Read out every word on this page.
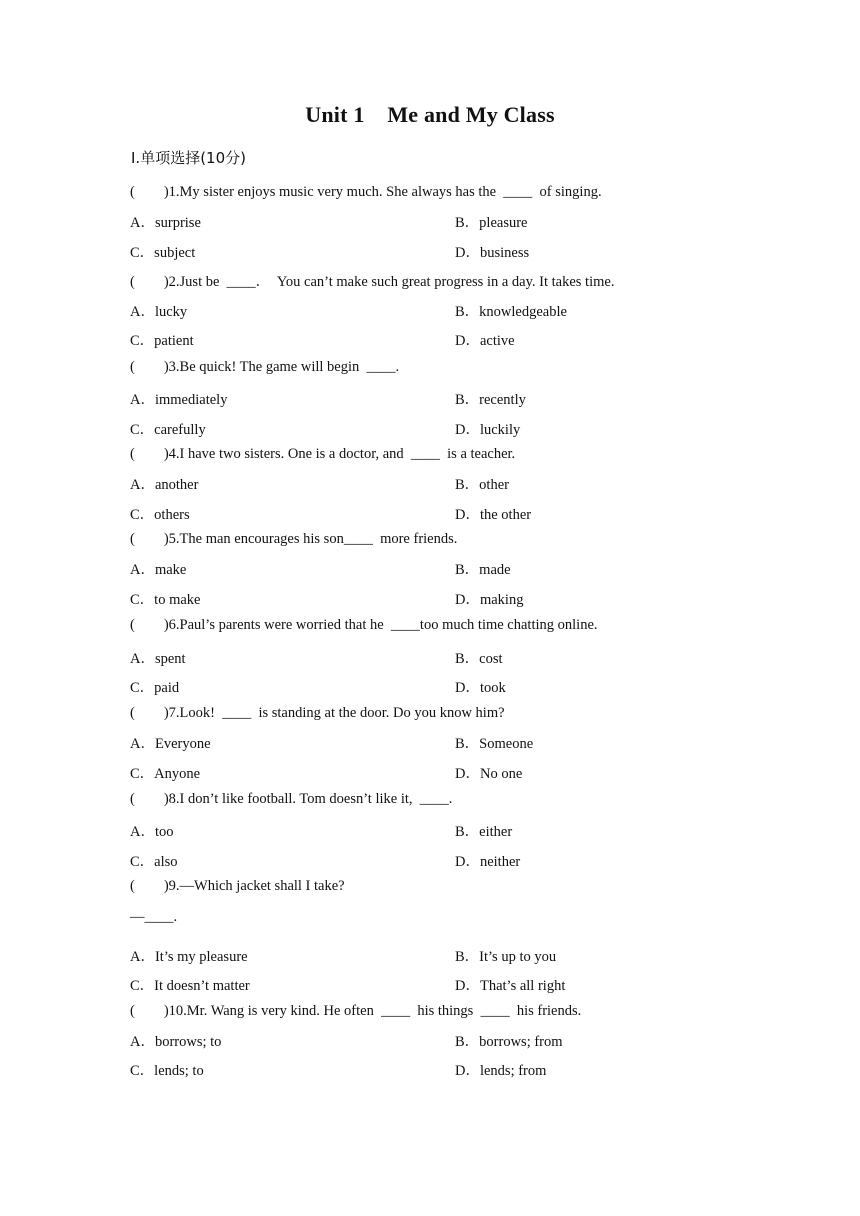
Unit 1    Me and My Class
Ⅰ.单项选择(10分)
(        )1.My sister enjoys music very much. She always has the  ____  of singing.
A．surprise	B．pleasure
C．subject	D．business
(        )2.Just be  ____．  You can’t make such great progress in a day. It takes time.
A．lucky	B．knowledgeable
C．patient	D．active
(        )3.Be quick! The game will begin  ____.
A．immediately	B．recently
C．carefully	D．luckily
(        )4.I have two sisters. One is a doctor, and  ____  is a teacher.
A．another	B．other
C．others	D．the other
(        )5.The man encourages his son____  more friends.
A．make	B．made
C．to make	D．making
(        )6.Paul’s parents were worried that he  ____too much time chatting online.
A．spent	B．cost
C．paid	D．took
(        )7.Look!  ____  is standing at the door. Do you know him?
A．Everyone	B．Someone
C．Anyone	D．No one
(        )8.I don’t like football. Tom doesn’t like it,  ____.
A．too	B．either
C．also	D．neither
(        )9.—Which jacket shall I take?
—____.
A．It’s my pleasure	B．It’s up to you
C．It doesn’t matter	D．That’s all right
(        )10.Mr. Wang is very kind. He often  ____  his things  ____  his friends.
A．borrows; to	B．borrows; from
C．lends; to	D．lends; from
